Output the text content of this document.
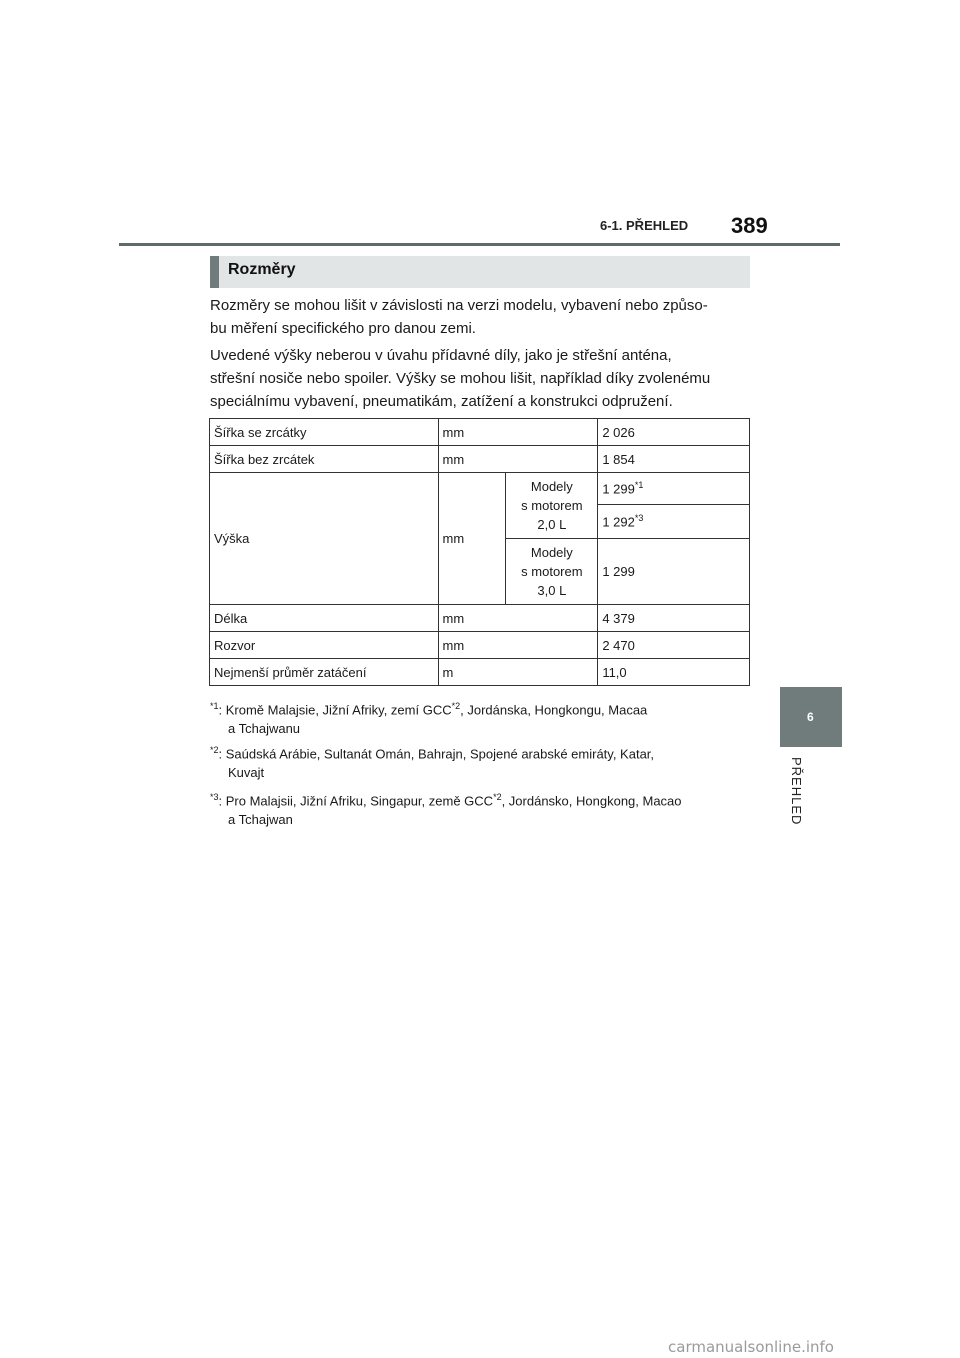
6-1. PŘEHLED 389
Rozměry
Rozměry se mohou lišit v závislosti na verzi modelu, vybavení nebo způso-
bu měření specifického pro danou zemi.
Uvedené výšky neberou v úvahu přídavné díly, jako je střešní anténa,
střešní nosiče nebo spoiler. Výšky se mohou lišit, například díky zvolenému
speciálnímu vybavení, pneumatikám, zatížení a konstrukci odpružení.
Šířka se zrcátky	mm		2 026
Šířka bez zrcátek	mm		1 854
Výška	mm	Modely
s motorem
2,0 L	1 299$^{*1}$
			1 292$^{*3}$
		Modely
s motorem
3,0 L	1 299
Délka	mm		4 379
Rozvor	mm		2 470
Nejmenší průměr zatáčení	m		11,0
$^{*1}$: Kromě Malajsie, Jižní Afriky, zemí GCC$^{*2}$, Jordánska, Hongkongu, Macaa
a Tchajwanu
$^{*2}$: Saúdská Arábie, Sultanát Omán, Bahrajn, Spojené arabské emiráty, Katar,
Kuvajt
$^{*3}$: Pro Malajsii, Jižní Afriku, Singapur, země GCC$^{*2}$, Jordánsko, Hongkong, Macao
a Tchajwan
6
PŘEHLED
carmanualsonline.info
